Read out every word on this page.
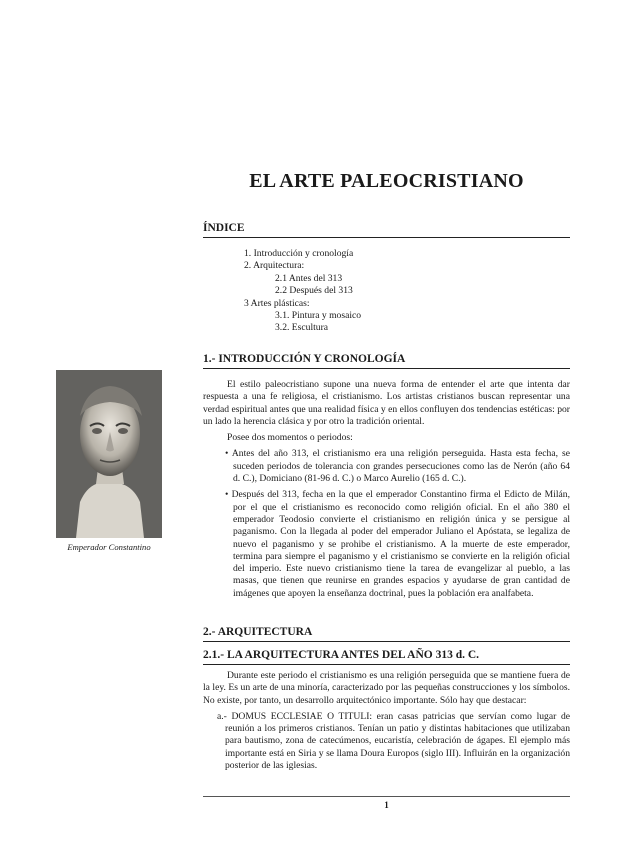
EL ARTE PALEOCRISTIANO
ÍNDICE
1. Introducción y cronología
2. Arquitectura:
2.1 Antes del 313
2.2 Después del 313
3 Artes plásticas:
3.1. Pintura y mosaico
3.2. Escultura
1.- INTRODUCCIÓN Y CRONOLOGÍA

El estilo paleocristiano supone una nueva forma de entender el arte que intenta dar respuesta a una fe religiosa, el cristianismo. Los artistas cristianos buscan representar una verdad espiritual antes que una realidad física y en ellos confluyen dos tendencias estéticas: por un lado la herencia clásica y por otro la tradición oriental.

Posee dos momentos o periodos:

• Antes del año 313, el cristianismo era una religión perseguida. Hasta esta fecha, se suceden periodos de tolerancia con grandes persecuciones como las de Nerón (año 64 d. C.), Domiciano (81-96 d. C.) o Marco Aurelio (165 d. C.).
• Después del 313, fecha en la que el emperador Constantino firma el Edicto de Milán, por el que el cristianismo es reconocido como religión oficial. En el año 380 el emperador Teodosio convierte el cristianismo en religión única y se persigue al paganismo. Con la llegada al poder del emperador Juliano el Apóstata, se legaliza de nuevo el paganismo y se prohibe el cristianismo. A la muerte de este emperador, termina para siempre el paganismo y el cristianismo se convierte en la religión oficial del imperio. Este nuevo cristianismo tiene la tarea de evangelizar al pueblo, a las masas, que tienen que reunirse en grandes espacios y ayudarse de gran cantidad de imágenes que apoyen la enseñanza doctrinal, pues la población era analfabeta.
Emperador Constantino
2.- ARQUITECTURA
2.1.- LA ARQUITECTURA ANTES DEL AÑO 313 d. C.

Durante este periodo el cristianismo es una religión perseguida que se mantiene fuera de la ley. Es un arte de una minoría, caracterizado por las pequeñas construcciones y los símbolos. No existe, por tanto, un desarrollo arquitectónico importante. Sólo hay que destacar:

a.- DOMUS ECCLESIAE O TITULI: eran casas patricias que servían como lugar de reunión a los primeros cristianos. Tenían un patio y distintas habitaciones que utilizaban para bautismo, zona de catecúmenos, eucaristía, celebración de ágapes. El ejemplo más importante está en Siria y se llama Doura Europos (siglo III). Influirán en la organización posterior de las iglesias.
1
